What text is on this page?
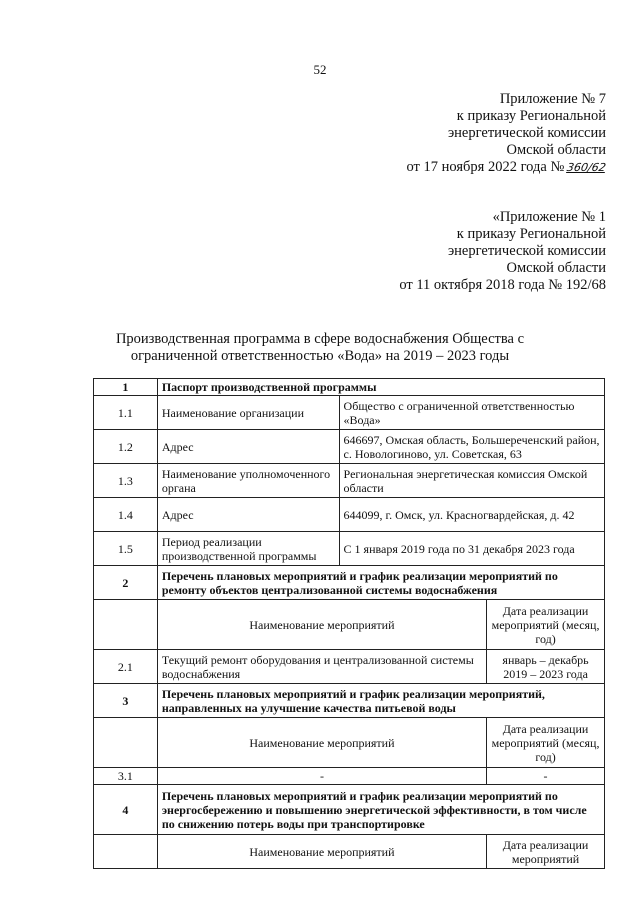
52
Приложение № 7
к приказу Региональной
энергетической комиссии
Омской области
от 17 ноября 2022 года № 360/62
«Приложение № 1
к приказу Региональной
энергетической комиссии
Омской области
от 11 октября 2018 года № 192/68
Производственная программа в сфере водоснабжения Общества с
ограниченной ответственностью «Вода» на 2019 – 2023 годы
1	Паспорт производственной программы		
1.1	Наименование организации	Общество с ограниченной ответственностью «Вода»	
1.2	Адрес	646697, Омская область, Большереченский район, с. Новологиново, ул. Советская, 63	
1.3	Наименование уполномоченного органа	Региональная энергетическая комиссия Омской области	
1.4	Адрес	644099, г. Омск, ул. Красногвардейская, д. 42	
1.5	Период реализации производственной программы	С 1 января 2019 года по 31 декабря 2023 года	
2	Перечень плановых мероприятий и график реализации мероприятий по ремонту объектов централизованной системы водоснабжения		
	Наименование мероприятий		Дата реализации мероприятий (месяц, год)
2.1	Текущий ремонт оборудования и централизованной системы водоснабжения		январь – декабрь 2019 – 2023 года
3	Перечень плановых мероприятий и график реализации мероприятий, направленных на улучшение качества питьевой воды		
	Наименование мероприятий		Дата реализации мероприятий (месяц, год)
3.1	-		-
4	Перечень плановых мероприятий и график реализации мероприятий по энергосбережению и повышению энергетической эффективности, в том числе по снижению потерь воды при транспортировке		
	Наименование мероприятий		Дата реализации мероприятий
